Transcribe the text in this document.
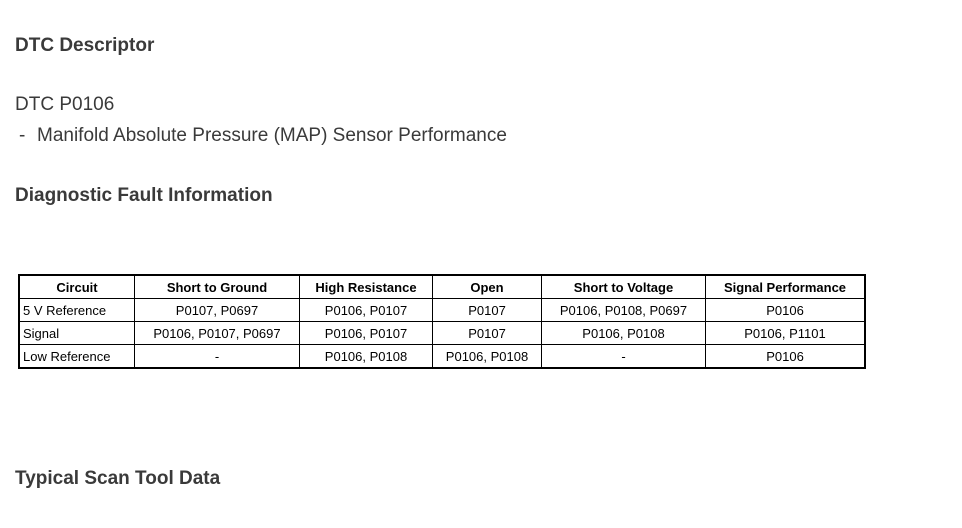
DTC Descriptor
DTC P0106
- Manifold Absolute Pressure (MAP) Sensor Performance
Diagnostic Fault Information
Circuit	Short to Ground	High Resistance	Open	Short to Voltage	Signal Performance
5 V Reference	P0107, P0697	P0106, P0107	P0107	P0106, P0108, P0697	P0106
Signal	P0106, P0107, P0697	P0106, P0107	P0107	P0106, P0108	P0106, P1101
Low Reference	-	P0106, P0108	P0106, P0108	-	P0106
Typical Scan Tool Data
